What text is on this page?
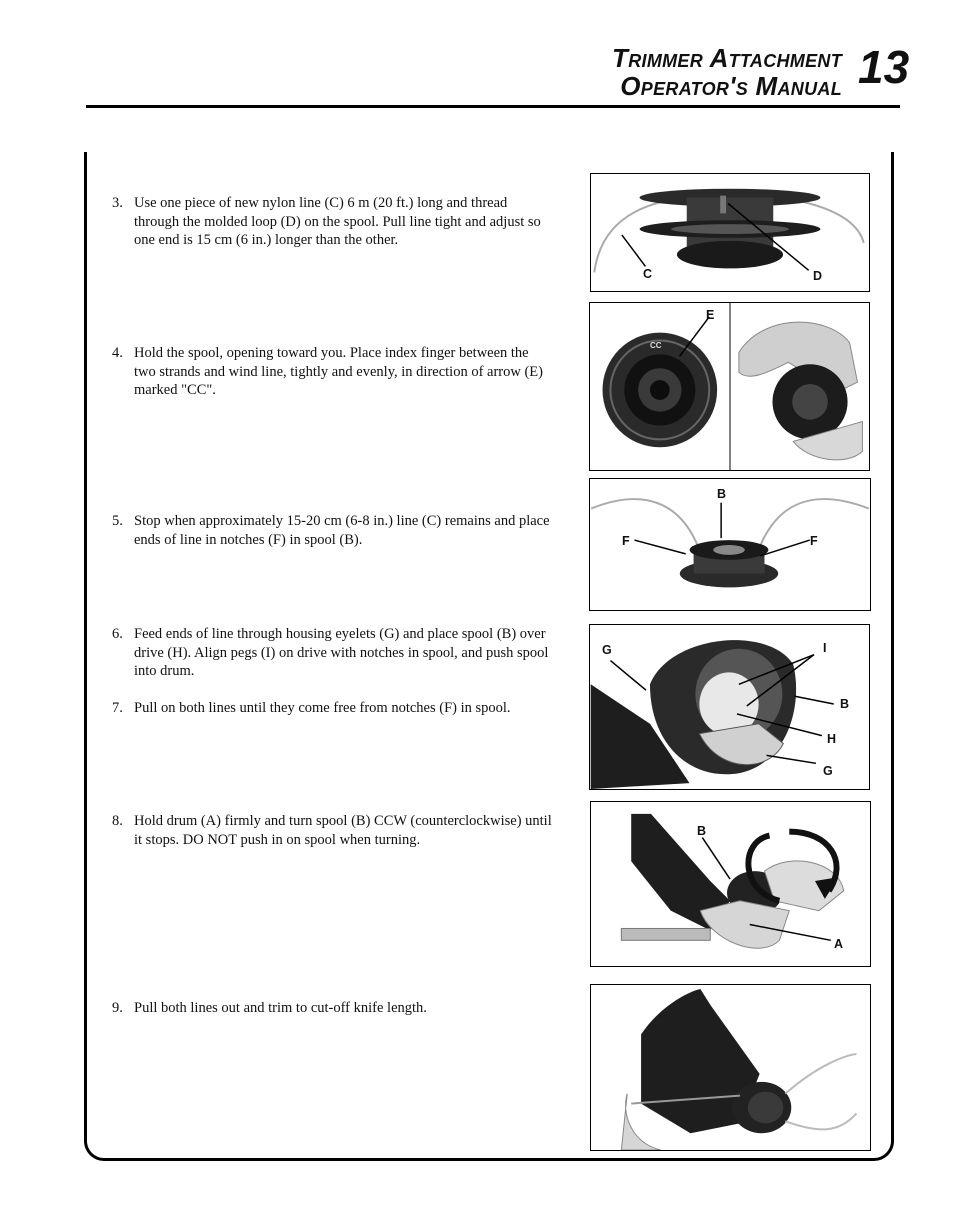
Trimmer Attachment
Operator's Manual 13
3. Use one piece of new nylon line (C) 6 m (20 ft.) long and thread through the molded loop (D) on the spool. Pull line tight and adjust so one end is 15 cm (6 in.) longer than the other.
4. Hold the spool, opening toward you. Place index finger between the two strands and wind line, tightly and evenly, in direction of arrow (E) marked "CC".
5. Stop when approximately 15-20 cm (6-8 in.) line (C) remains and place ends of line in notches (F) in spool (B).
6. Feed ends of line through housing eyelets (G) and place spool (B) over drive (H). Align pegs (I) on drive with notches in spool, and push spool into drum.
7. Pull on both lines until they come free from notches (F) in spool.
8. Hold drum (A) firmly and turn spool (B) CCW (counterclockwise) until it stops. DO NOT push in on spool when turning.
9. Pull both lines out and trim to cut-off knife length.
C	D
E
CC
B
F	F
G	I
B
H
G
B
A
